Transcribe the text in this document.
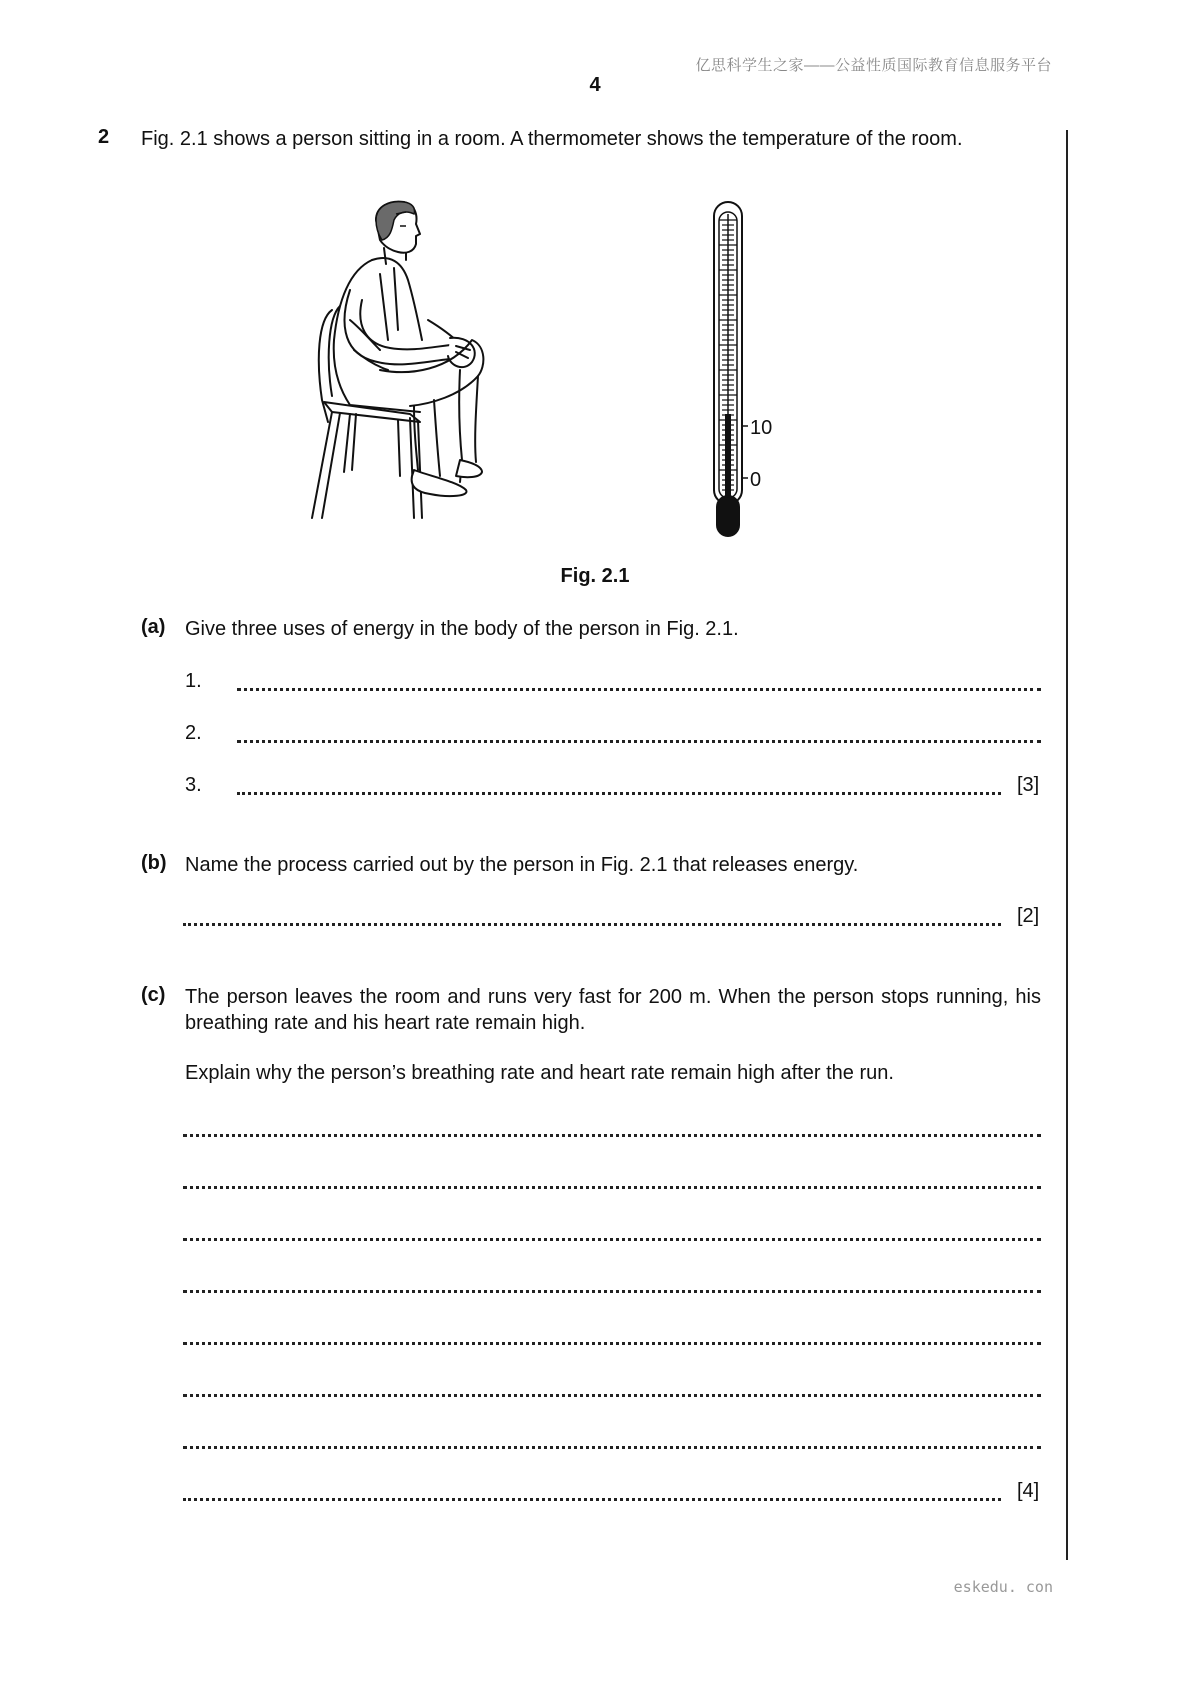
亿思科学生之家——公益性质国际教育信息服务平台
4
2 Fig. 2.1 shows a person sitting in a room. A thermometer shows the temperature of the room.
10
0
Fig. 2.1
(a) Give three uses of energy in the body of the person in Fig. 2.1.
1.
2.
3.	[3]
(b) Name the process carried out by the person in Fig. 2.1 that releases energy.
[2]
(c) The person leaves the room and runs very fast for 200 m. When the person stops running, his breathing rate and his heart rate remain high.
Explain why the person’s breathing rate and heart rate remain high after the run.
[4]
eskedu. con
